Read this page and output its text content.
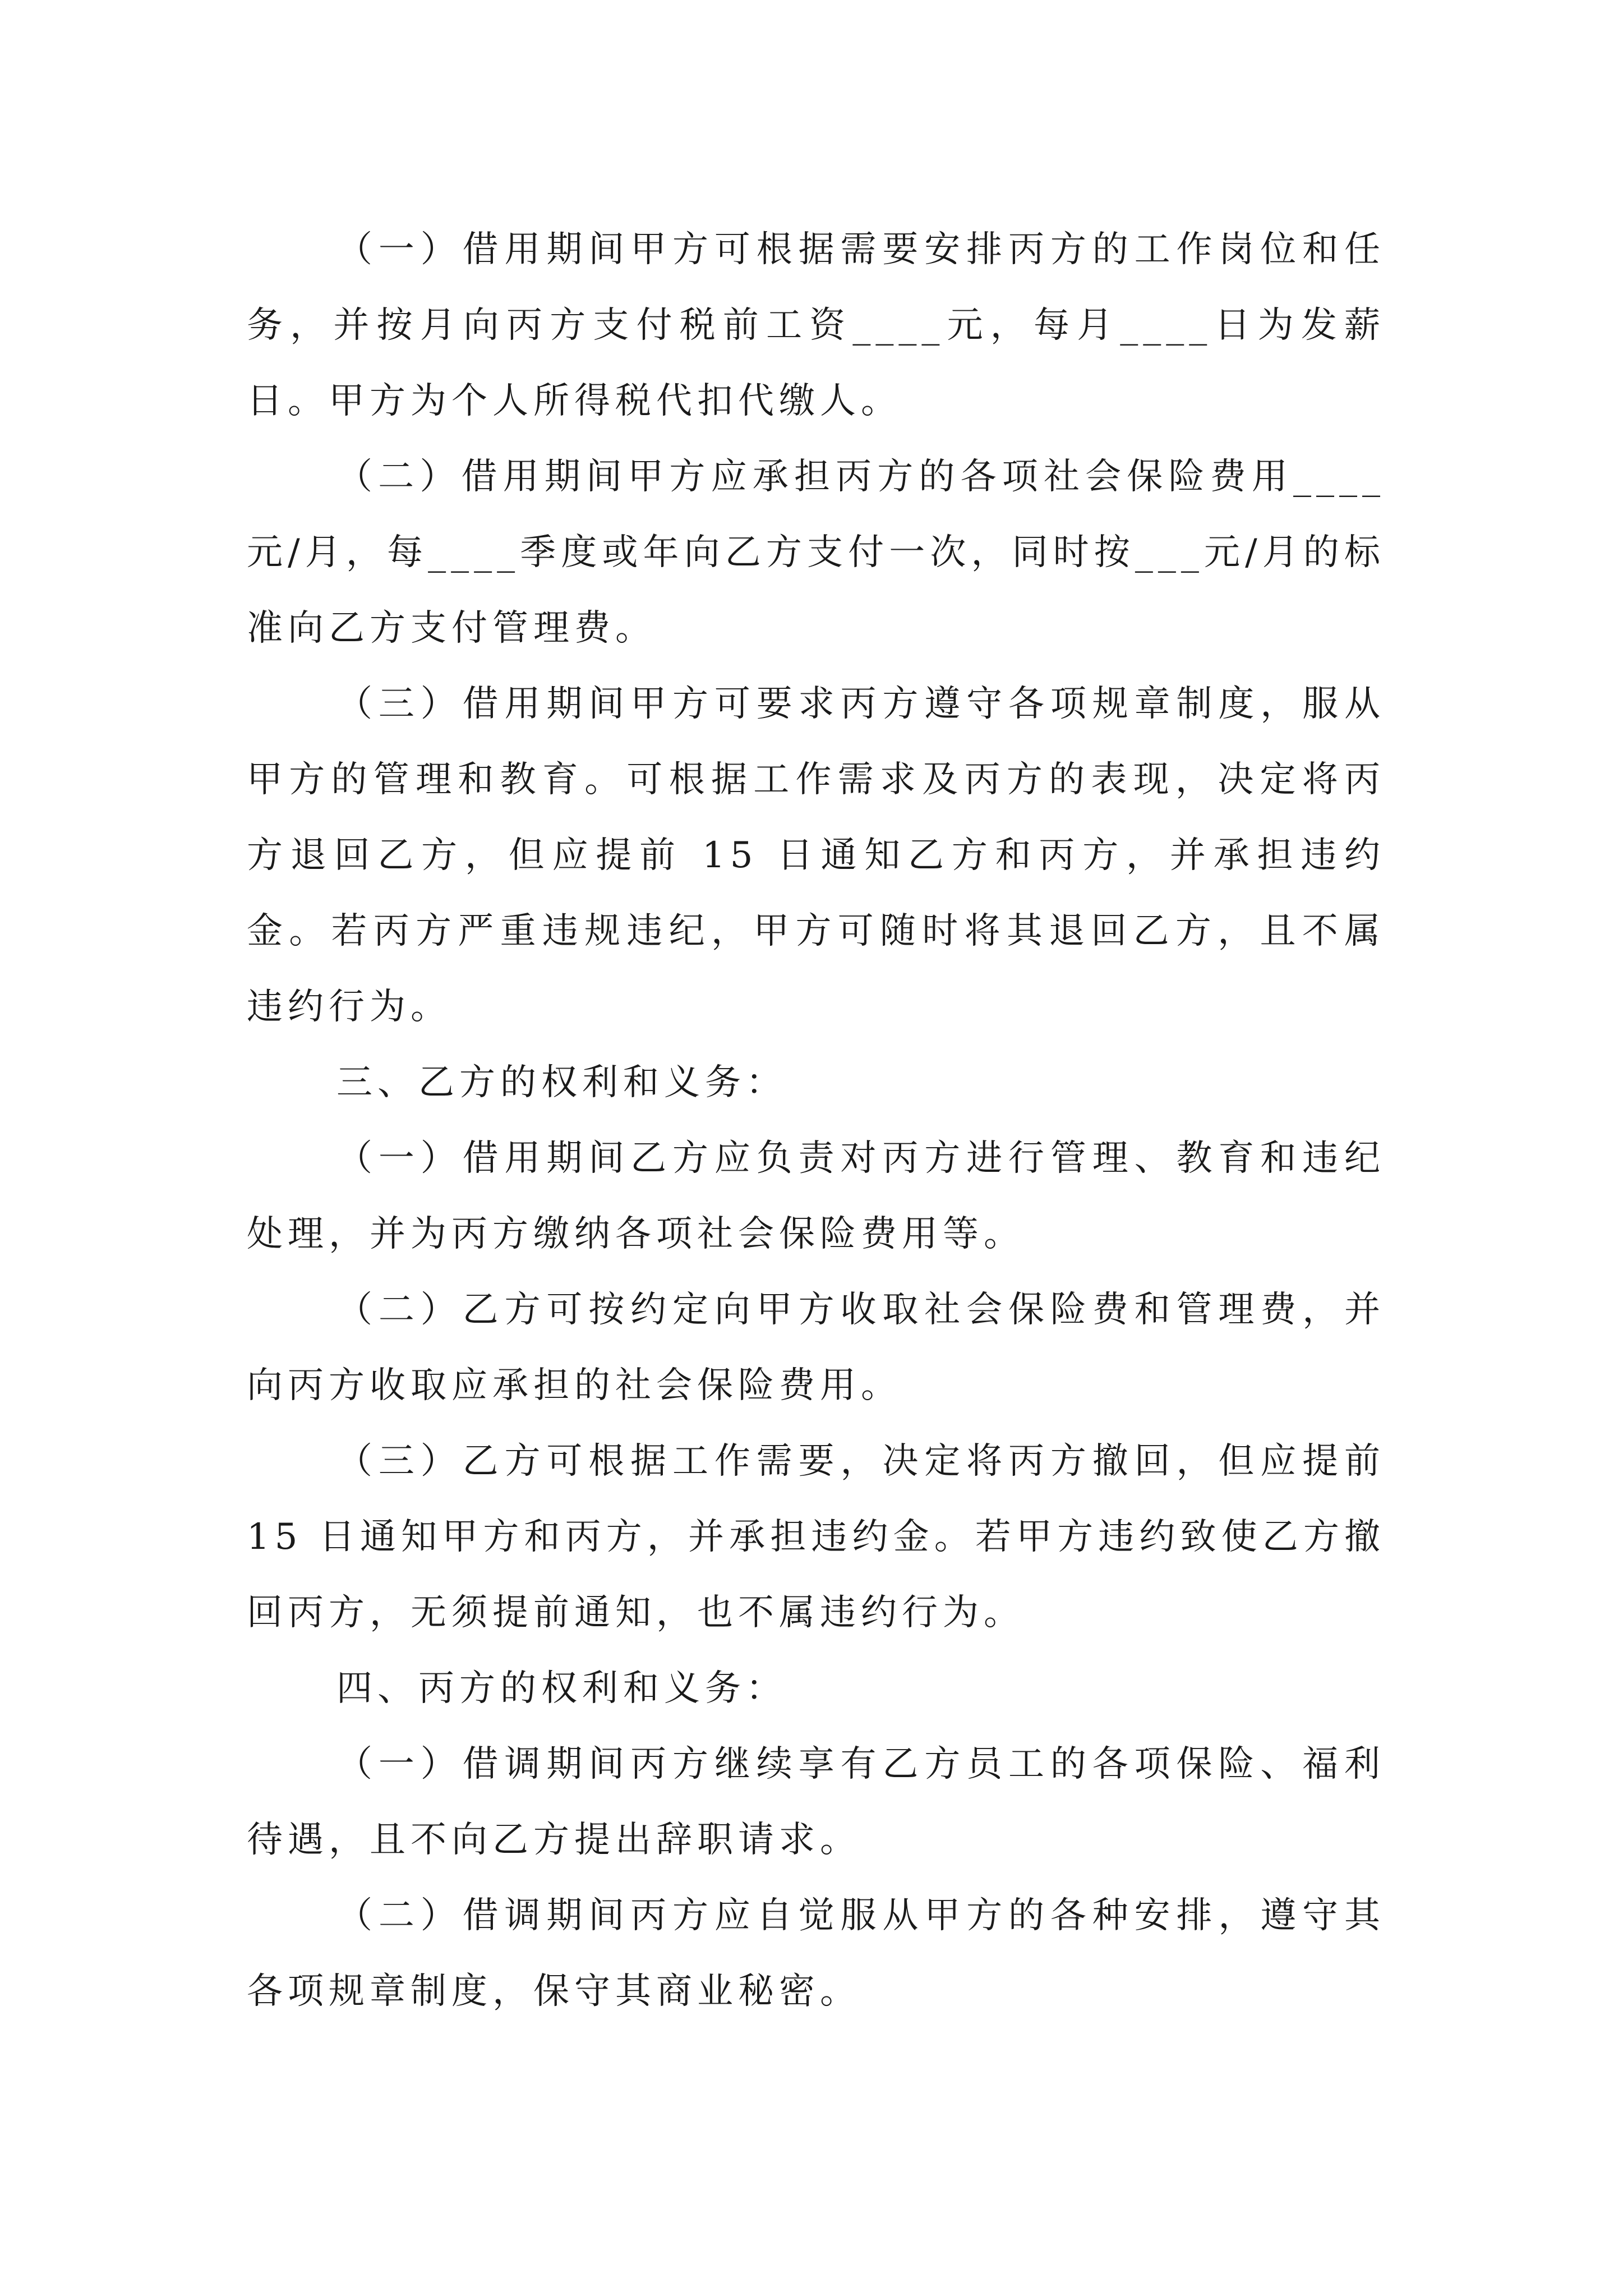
（一）借用期间甲方可根据需要安排丙方的工作岗位和任务，并按月向丙方支付税前工资____元，每月____日为发薪日。甲方为个人所得税代扣代缴人。

（二）借用期间甲方应承担丙方的各项社会保险费用____元/月，每____季度或年向乙方支付一次，同时按___元/月的标准向乙方支付管理费。

（三）借用期间甲方可要求丙方遵守各项规章制度，服从甲方的管理和教育。可根据工作需求及丙方的表现，决定将丙方退回乙方，但应提前 15 日通知乙方和丙方，并承担违约金。若丙方严重违规违纪，甲方可随时将其退回乙方，且不属违约行为。

三、乙方的权利和义务：

（一）借用期间乙方应负责对丙方进行管理、教育和违纪处理，并为丙方缴纳各项社会保险费用等。

（二）乙方可按约定向甲方收取社会保险费和管理费，并向丙方收取应承担的社会保险费用。

（三）乙方可根据工作需要，决定将丙方撤回，但应提前 15 日通知甲方和丙方，并承担违约金。若甲方违约致使乙方撤回丙方，无须提前通知，也不属违约行为。

四、丙方的权利和义务：

（一）借调期间丙方继续享有乙方员工的各项保险、福利待遇，且不向乙方提出辞职请求。

（二）借调期间丙方应自觉服从甲方的各种安排，遵守其各项规章制度，保守其商业秘密。
